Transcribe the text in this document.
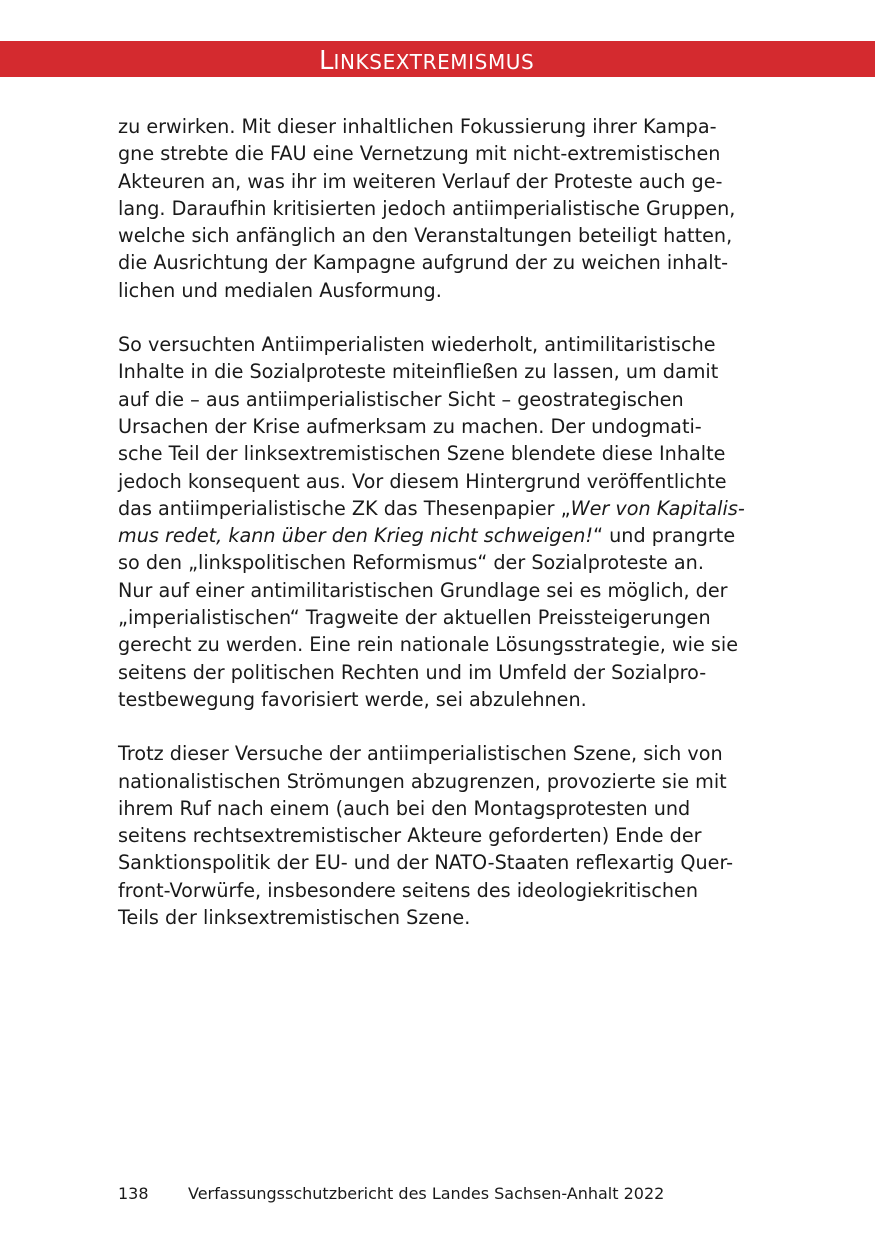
LINKSEXTREMISMUS
zu erwirken. Mit dieser inhaltlichen Fokussierung ihrer Kampa-
gne strebte die FAU eine Vernetzung mit nicht-extremistischen
Akteuren an, was ihr im weiteren Verlauf der Proteste auch ge-
lang. Daraufhin kritisierten jedoch antiimperialistische Gruppen,
welche sich anfänglich an den Veranstaltungen beteiligt hatten,
die Ausrichtung der Kampagne aufgrund der zu weichen inhalt-
lichen und medialen Ausformung.
So versuchten Antiimperialisten wiederholt, antimilitaristische
Inhalte in die Sozialproteste miteinfließen zu lassen, um damit
auf die – aus antiimperialistischer Sicht – geostrategischen
Ursachen der Krise aufmerksam zu machen. Der undogmati-
sche Teil der linksextremistischen Szene blendete diese Inhalte
jedoch konsequent aus. Vor diesem Hintergrund veröffentlichte
das antiimperialistische ZK das Thesenpapier „Wer von Kapitalis-
mus redet, kann über den Krieg nicht schweigen!“ und prangrte
so den „linkspolitischen Reformismus“ der Sozialproteste an.
Nur auf einer antimilitaristischen Grundlage sei es möglich, der
„imperialistischen“ Tragweite der aktuellen Preissteigerungen
gerecht zu werden. Eine rein nationale Lösungsstrategie, wie sie
seitens der politischen Rechten und im Umfeld der Sozialpro-
testbewegung favorisiert werde, sei abzulehnen.
Trotz dieser Versuche der antiimperialistischen Szene, sich von
nationalistischen Strömungen abzugrenzen, provozierte sie mit
ihrem Ruf nach einem (auch bei den Montagsprotesten und
seitens rechtsextremistischer Akteure geforderten) Ende der
Sanktionspolitik der EU- und der NATO-Staaten reflexartig Quer-
front-Vorwürfe, insbesondere seitens des ideologiekritischen
Teils der linksextremistischen Szene.
138 Verfassungsschutzbericht des Landes Sachsen-Anhalt 2022
